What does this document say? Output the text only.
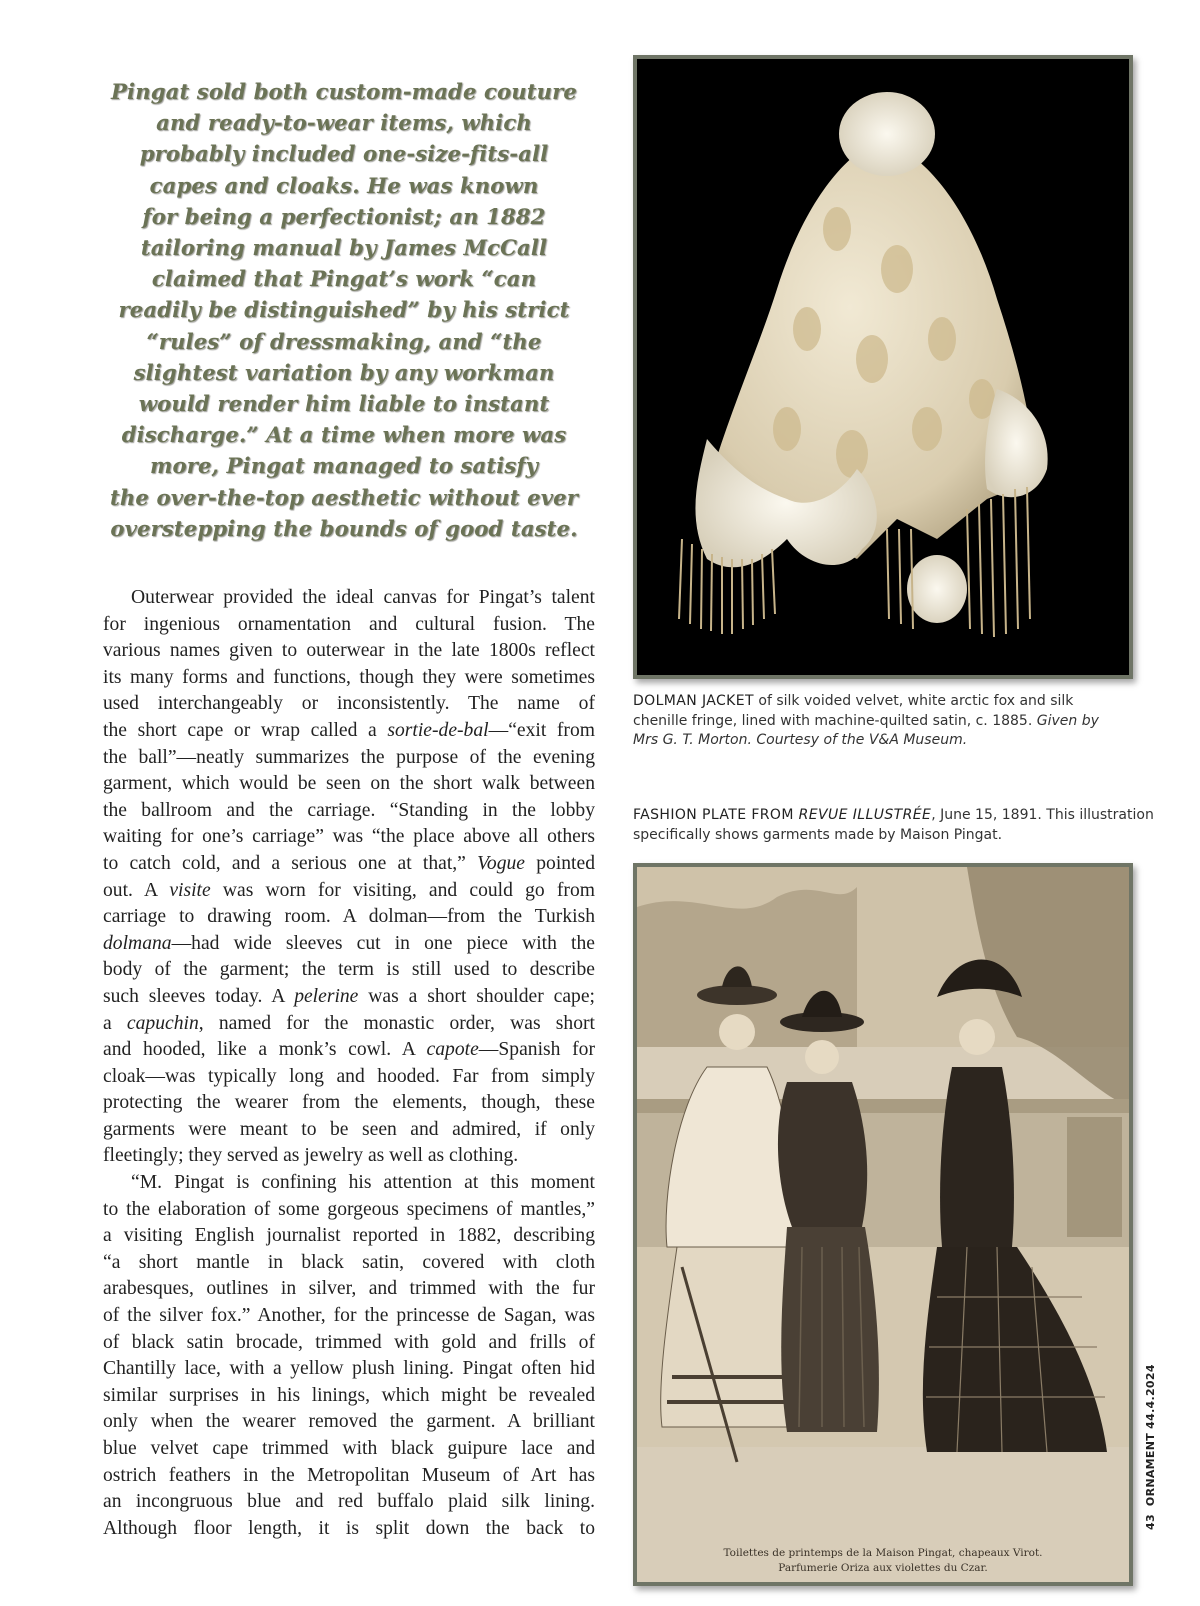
Pingat sold both custom-made couture
and ready-to-wear items, which
probably included one-size-fits-all
capes and cloaks. He was known
for being a perfectionist; an 1882
tailoring manual by James McCall
claimed that Pingat’s work “can
readily be distinguished” by his strict
“rules” of dressmaking, and “the
slightest variation by any workman
would render him liable to instant
discharge.” At a time when more was
more, Pingat managed to satisfy
the over-the-top aesthetic without ever
overstepping the bounds of good taste.
Outerwear provided the ideal canvas for Pingat’s talent
for ingenious ornamentation and cultural fusion. The
various names given to outerwear in the late 1800s reflect
its many forms and functions, though they were sometimes
used interchangeably or inconsistently. The name of
the short cape or wrap called a sortie-de-bal—“exit from
the ball”—neatly summarizes the purpose of the evening
garment, which would be seen on the short walk between
the ballroom and the carriage. “Standing in the lobby
waiting for one’s carriage” was “the place above all others
to catch cold, and a serious one at that,” Vogue pointed
out. A visite was worn for visiting, and could go from
carriage to drawing room. A dolman—from the Turkish
dolmana—had wide sleeves cut in one piece with the
body of the garment; the term is still used to describe
such sleeves today. A pelerine was a short shoulder cape;
a capuchin, named for the monastic order, was short
and hooded, like a monk’s cowl. A capote—Spanish for
cloak—was typically long and hooded. Far from simply
protecting the wearer from the elements, though, these
garments were meant to be seen and admired, if only
fleetingly; they served as jewelry as well as clothing.
“M. Pingat is confining his attention at this moment
to the elaboration of some gorgeous specimens of mantles,”
a visiting English journalist reported in 1882, describing
“a short mantle in black satin, covered with cloth
arabesques, outlines in silver, and trimmed with the fur
of the silver fox.” Another, for the princesse de Sagan, was
of black satin brocade, trimmed with gold and frills of
Chantilly lace, with a yellow plush lining. Pingat often hid
similar surprises in his linings, which might be revealed
only when the wearer removed the garment. A brilliant
blue velvet cape trimmed with black guipure lace and
ostrich feathers in the Metropolitan Museum of Art has
an incongruous blue and red buffalo plaid silk lining.
Although floor length, it is split down the back to
DOLMAN JACKET of silk voided velvet, white arctic fox and silk
chenille fringe, lined with machine-quilted satin, c. 1885. Given by
Mrs G. T. Morton. Courtesy of the V&A Museum.
FASHION PLATE FROM REVUE ILLUSTRÉE, June 15, 1891. This illustration
specifically shows garments made by Maison Pingat.
Toilettes de printemps de la Maison Pingat, chapeaux Virot.
Parfumerie Oriza aux violettes du Czar.
43ORNAMENT 44.4.2024
